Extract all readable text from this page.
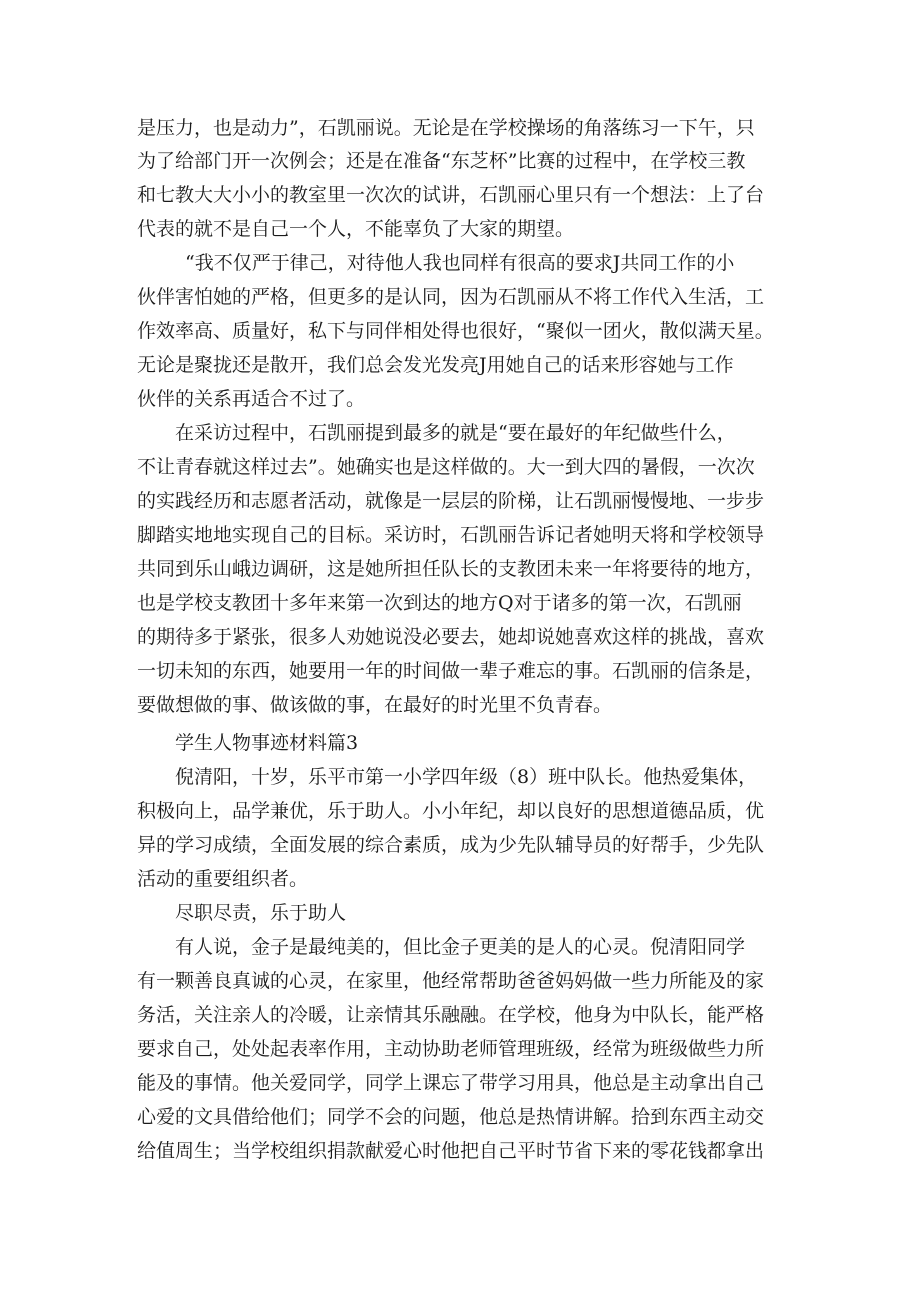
是压力，也是动力”，石凯丽说。无论是在学校操场的角落练习一下午，只
为了给部门开一次例会；还是在准备“东芝杯”比赛的过程中，在学校三教
和七教大大小小的教室里一次次的试讲，石凯丽心里只有一个想法：上了台
代表的就不是自己一个人，不能辜负了大家的期望。
“我不仅严于律己，对待他人我也同样有很高的要求J共同工作的小
伙伴害怕她的严格，但更多的是认同，因为石凯丽从不将工作代入生活，工
作效率高、质量好，私下与同伴相处得也很好，“聚似一团火，散似满天星。
无论是聚拢还是散开，我们总会发光发亮J用她自己的话来形容她与工作
伙伴的关系再适合不过了。
在采访过程中，石凯丽提到最多的就是“要在最好的年纪做些什么，
不让青春就这样过去”。她确实也是这样做的。大一到大四的暑假，一次次
的实践经历和志愿者活动，就像是一层层的阶梯，让石凯丽慢慢地、一步步
脚踏实地地实现自己的目标。采访时，石凯丽告诉记者她明天将和学校领导
共同到乐山峨边调研，这是她所担任队长的支教团未来一年将要待的地方，
也是学校支教团十多年来第一次到达的地方Q对于诸多的第一次，石凯丽
的期待多于紧张，很多人劝她说没必要去，她却说她喜欢这样的挑战，喜欢
一切未知的东西，她要用一年的时间做一辈子难忘的事。石凯丽的信条是，
要做想做的事、做该做的事，在最好的时光里不负青春。
学生人物事迹材料篇3
倪清阳，十岁，乐平市第一小学四年级（8）班中队长。他热爱集体，
积极向上，品学兼优，乐于助人。小小年纪，却以良好的思想道德品质，优
异的学习成绩，全面发展的综合素质，成为少先队辅导员的好帮手，少先队
活动的重要组织者。
尽职尽责，乐于助人
有人说，金子是最纯美的，但比金子更美的是人的心灵。倪清阳同学
有一颗善良真诚的心灵，在家里，他经常帮助爸爸妈妈做一些力所能及的家
务活，关注亲人的冷暖，让亲情其乐融融。在学校，他身为中队长，能严格
要求自己，处处起表率作用，主动协助老师管理班级，经常为班级做些力所
能及的事情。他关爱同学，同学上课忘了带学习用具，他总是主动拿出自己
心爱的文具借给他们；同学不会的问题，他总是热情讲解。拾到东西主动交
给值周生；当学校组织捐款献爱心时他把自己平时节省下来的零花钱都拿出
